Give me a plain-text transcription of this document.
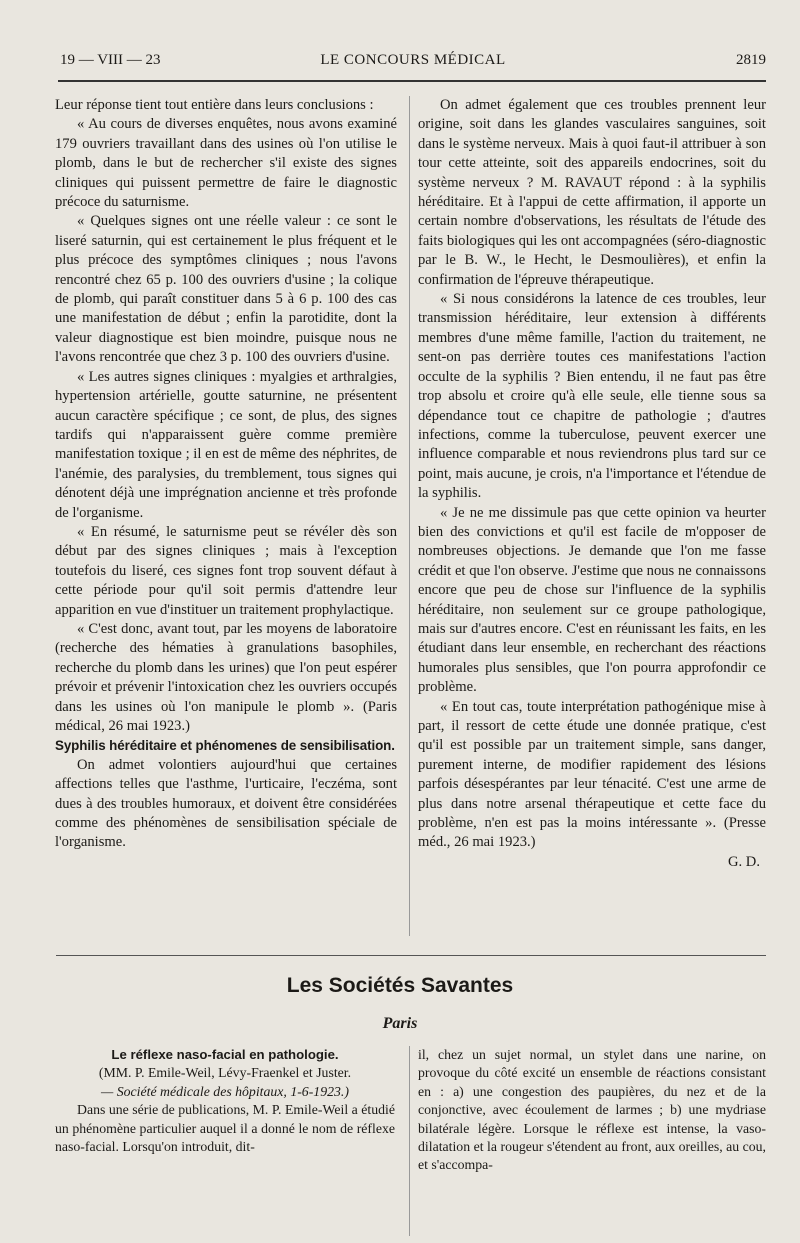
19 — VIII — 23	LE CONCOURS MÉDICAL	2819

Leur réponse tient tout entière dans leurs conclusions :

« Au cours de diverses enquêtes, nous avons examiné 179 ouvriers travaillant dans des usines où l'on utilise le plomb, dans le but de rechercher s'il existe des signes cliniques qui puissent permettre de faire le diagnostic précoce du saturnisme.

« Quelques signes ont une réelle valeur : ce sont le liseré saturnin, qui est certainement le plus fréquent et le plus précoce des symptômes cliniques ; nous l'avons rencontré chez 65 p. 100 des ouvriers d'usine ; la colique de plomb, qui paraît constituer dans 5 à 6 p. 100 des cas une manifestation de début ; enfin la parotidite, dont la valeur diagnostique est bien moindre, puisque nous ne l'avons rencontrée que chez 3 p. 100 des ouvriers d'usine.

« Les autres signes cliniques : myalgies et arthralgies, hypertension artérielle, goutte saturnine, ne présentent aucun caractère spécifique ; ce sont, de plus, des signes tardifs qui n'apparaissent guère comme première manifestation toxique ; il en est de même des néphrites, de l'anémie, des paralysies, du tremblement, tous signes qui dénotent déjà une imprégnation ancienne et très profonde de l'organisme.

« En résumé, le saturnisme peut se révéler dès son début par des signes cliniques ; mais à l'exception toutefois du liseré, ces signes font trop souvent défaut à cette période pour qu'il soit permis d'attendre leur apparition en vue d'instituer un traitement prophylactique.

« C'est donc, avant tout, par les moyens de laboratoire (recherche des hématies à granulations basophiles, recherche du plomb dans les urines) que l'on peut espérer prévoir et prévenir l'intoxication chez les ouvriers occupés dans les usines où l'on manipule le plomb ». (Paris médical, 26 mai 1923.)

Syphilis héréditaire et phénomenes de sensibilisation.

On admet volontiers aujourd'hui que certaines affections telles que l'asthme, l'urticaire, l'eczéma, sont dues à des troubles humoraux, et doivent être considérées comme des phénomènes de sensibilisation spéciale de l'organisme.

On admet également que ces troubles prennent leur origine, soit dans les glandes vasculaires sanguines, soit dans le système nerveux. Mais à quoi faut-il attribuer à son tour cette atteinte, soit des appareils endocrines, soit du système nerveux ? M. RAVAUT répond : à la syphilis héréditaire. Et à l'appui de cette affirmation, il apporte un certain nombre d'observations, les résultats de l'étude des faits biologiques qui les ont accompagnées (séro-diagnostic par le B. W., le Hecht, le Desmoulières), et enfin la confirmation de l'épreuve thérapeutique.

« Si nous considérons la latence de ces troubles, leur transmission héréditaire, leur extension à différents membres d'une même famille, l'action du traitement, ne sent-on pas derrière toutes ces manifestations l'action occulte de la syphilis ? Bien entendu, il ne faut pas être trop absolu et croire qu'à elle seule, elle tienne sous sa dépendance tout ce chapitre de pathologie ; d'autres infections, comme la tuberculose, peuvent exercer une influence comparable et nous reviendrons plus tard sur ce point, mais aucune, je crois, n'a l'importance et l'étendue de la syphilis.

« Je ne me dissimule pas que cette opinion va heurter bien des convictions et qu'il est facile de m'opposer de nombreuses objections. Je demande que l'on me fasse crédit et que l'on observe. J'estime que nous ne connaissons encore que peu de chose sur l'influence de la syphilis héréditaire, non seulement sur ce groupe pathologique, mais sur d'autres encore. C'est en réunissant les faits, en les étudiant dans leur ensemble, en recherchant des réactions humorales plus sensibles, que l'on pourra approfondir ce problème.

« En tout cas, toute interprétation pathogénique mise à part, il ressort de cette étude une donnée pratique, c'est qu'il est possible par un traitement simple, sans danger, purement interne, de modifier rapidement des lésions parfois désespérantes par leur ténacité. C'est une arme de plus dans notre arsenal thérapeutique et cette face du problème, n'en est pas la moins intéressante ». (Presse méd., 26 mai 1923.)

G. D.

Les Sociétés Savantes
Paris

Le réflexe naso-facial en pathologie.

(MM. P. Emile-Weil, Lévy-Fraenkel et Juster.

— Société médicale des hôpitaux, 1-6-1923.)

Dans une série de publications, M. P. Emile-Weil a étudié un phénomène particulier auquel il a donné le nom de réflexe naso-facial. Lorsqu'on introduit, dit-

il, chez un sujet normal, un stylet dans une narine, on provoque du côté excité un ensemble de réactions consistant en : a) une congestion des paupières, du nez et de la conjonctive, avec écoulement de larmes ; b) une mydriase bilatérale légère. Lorsque le réflexe est intense, la vaso-dilatation et la rougeur s'étendent au front, aux oreilles, au cou, et s'accompa-
